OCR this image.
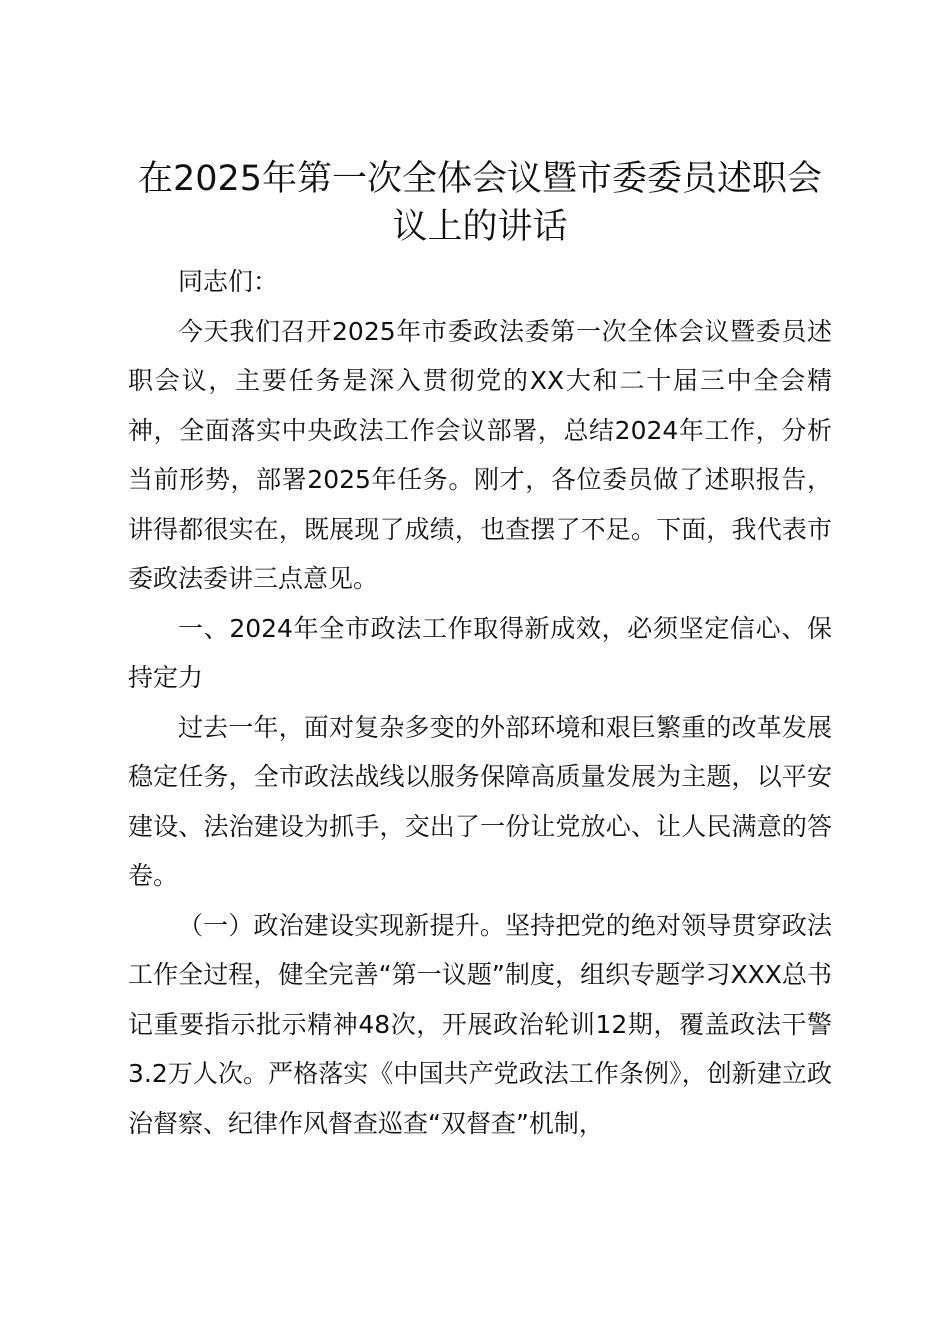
在2025年第一次全体会议暨市委委员述职会议上的讲话

同志们：

今天我们召开2025年市委政法委第一次全体会议暨委员述职会议，主要任务是深入贯彻党的XX大和二十届三中全会精神，全面落实中央政法工作会议部署，总结2024年工作，分析当前形势，部署2025年任务。刚才，各位委员做了述职报告，讲得都很实在，既展现了成绩，也查摆了不足。下面，我代表市委政法委讲三点意见。

一、2024年全市政法工作取得新成效，必须坚定信心、保持定力

过去一年，面对复杂多变的外部环境和艰巨繁重的改革发展稳定任务，全市政法战线以服务保障高质量发展为主题，以平安建设、法治建设为抓手，交出了一份让党放心、让人民满意的答卷。

（一）政治建设实现新提升。坚持把党的绝对领导贯穿政法工作全过程，健全完善“第一议题”制度，组织专题学习XXX总书记重要指示批示精神48次，开展政治轮训12期，覆盖政法干警3.2万人次。严格落实《中国共产党政法工作条例》，创新建立政治督察、纪律作风督查巡查“双督查”机制，
